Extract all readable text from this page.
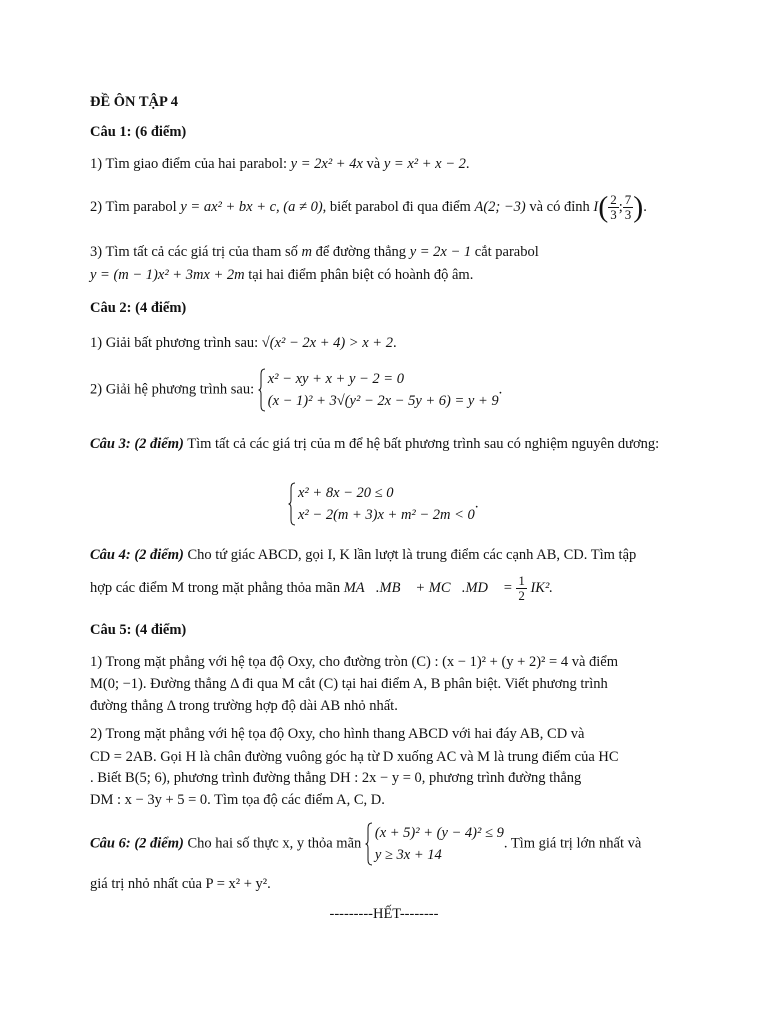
ĐỀ ÔN TẬP 4
Câu 1: (6 điểm)
1) Tìm giao điểm của hai parabol: y = 2x² + 4x và y = x² + x − 2.
2) Tìm parabol y = ax² + bx + c, (a ≠ 0), biết parabol đi qua điểm A(2; −3) và có đỉnh $I( \frac{2}{3}$ ; $\frac{7}{3}$ ).
3) Tìm tất cả các giá trị của tham số m để đường thẳng y = 2x − 1 cắt parabol
y = (m − 1)x² + 3mx + 2m tại hai điểm phân biệt có hoành độ âm.
Câu 2: (4 điểm)
1) Giải bất phương trình sau: √(x² − 2x + 4) > x + 2.
2) Giải hệ phương trình sau:
x² − xy + x + y − 2 = 0
(x − 1)² + 3√(y² − 2x − 5y + 6) = y + 9
.
Câu 3: (2 điểm) Tìm tất cả các giá trị của m để hệ bất phương trình sau có nghiệm nguyên dương:
x² + 8x − 20 ≤ 0
x² − 2(m + 3)x + m² − 2m < 0
.
Câu 4: (2 điểm) Cho tứ giác ABCD, gọi I, K lần lượt là trung điểm các cạnh AB, CD. Tìm tập
hợp các điểm M trong mặt phẳng thỏa mãn MA⃗.MB⃗ + MC⃗.MD⃗ = $\frac{1}{2} IK^2$.
Câu 5: (4 điểm)
1) Trong mặt phẳng với hệ tọa độ Oxy, cho đường tròn (C) : (x − 1)² + (y + 2)² = 4 và điểm
M(0; −1). Đường thẳng Δ đi qua M cắt (C) tại hai điểm A, B phân biệt. Viết phương trình
đường thẳng Δ trong trường hợp độ dài AB nhỏ nhất.
2) Trong mặt phẳng với hệ tọa độ Oxy, cho hình thang ABCD với hai đáy AB, CD và
CD = 2AB. Gọi H là chân đường vuông góc hạ từ D xuống AC và M là trung điểm của HC
. Biết B(5; 6), phương trình đường thẳng DH : 2x − y = 0, phương trình đường thẳng
DM : x − 3y + 5 = 0. Tìm tọa độ các điểm A, C, D.
Câu 6: (2 điểm) Cho hai số thực x, y thỏa mãn
(x + 5)² + (y − 4)² ≤ 9
y ≥ 3x + 14
. Tìm giá trị lớn nhất và
giá trị nhỏ nhất của P = x² + y².
---------HẾT--------
